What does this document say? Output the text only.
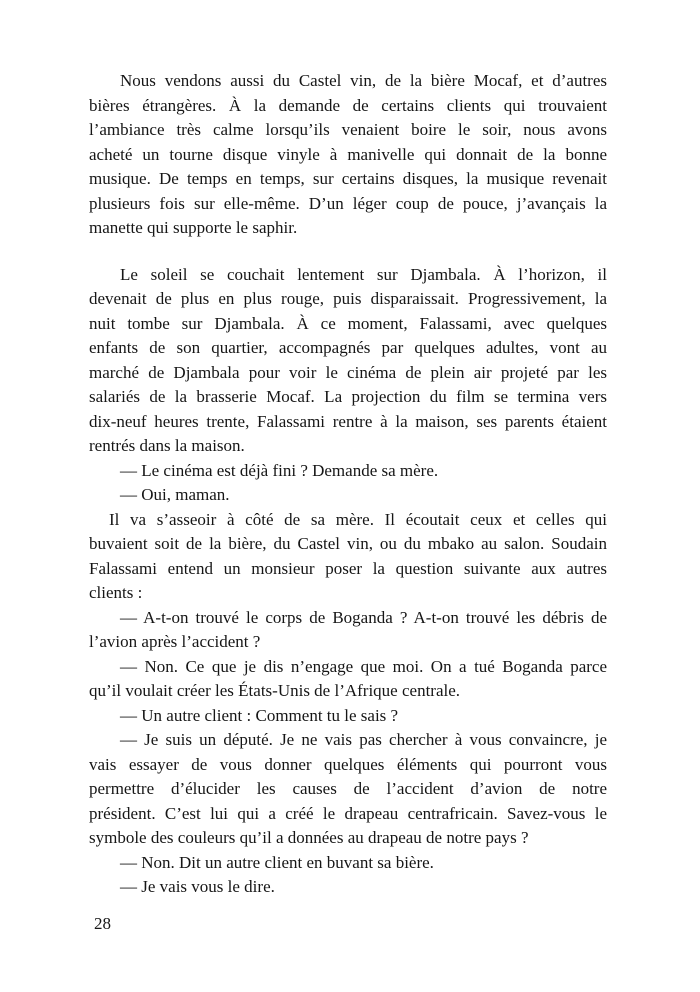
Nous vendons aussi du Castel vin, de la bière Mocaf, et d’autres
bières étrangères. À la demande de certains clients qui trouvaient
l’ambiance très calme lorsqu’ils venaient boire le soir, nous avons
acheté un tourne disque vinyle à manivelle qui donnait de la bonne
musique. De temps en temps, sur certains disques, la musique revenait
plusieurs fois sur elle-même. D’un léger coup de pouce, j’avançais la
manette qui supporte le saphir.
Le soleil se couchait lentement sur Djambala. À l’horizon, il
devenait de plus en plus rouge, puis disparaissait. Progressivement, la
nuit tombe sur Djambala. À ce moment, Falassami, avec quelques
enfants de son quartier, accompagnés par quelques adultes, vont au
marché de Djambala pour voir le cinéma de plein air projeté par les
salariés de la brasserie Mocaf. La projection du film se termina vers
dix-neuf heures trente, Falassami rentre à la maison, ses parents étaient
rentrés dans la maison.
— Le cinéma est déjà fini ? Demande sa mère.
— Oui, maman.
Il va s’asseoir à côté de sa mère. Il écoutait ceux et celles qui
buvaient soit de la bière, du Castel vin, ou du mbako au salon. Soudain
Falassami entend un monsieur poser la question suivante aux autres
clients :
— A-t-on trouvé le corps de Boganda ? A-t-on trouvé les débris de
l’avion après l’accident ?
— Non. Ce que je dis n’engage que moi. On a tué Boganda parce
qu’il voulait créer les États-Unis de l’Afrique centrale.
— Un autre client : Comment tu le sais ?
— Je suis un député. Je ne vais pas chercher à vous convaincre, je
vais essayer de vous donner quelques éléments qui pourront vous
permettre d’élucider les causes de l’accident d’avion de notre
président. C’est lui qui a créé le drapeau centrafricain. Savez-vous le
symbole des couleurs qu’il a données au drapeau de notre pays ?
— Non. Dit un autre client en buvant sa bière.
— Je vais vous le dire.
28
